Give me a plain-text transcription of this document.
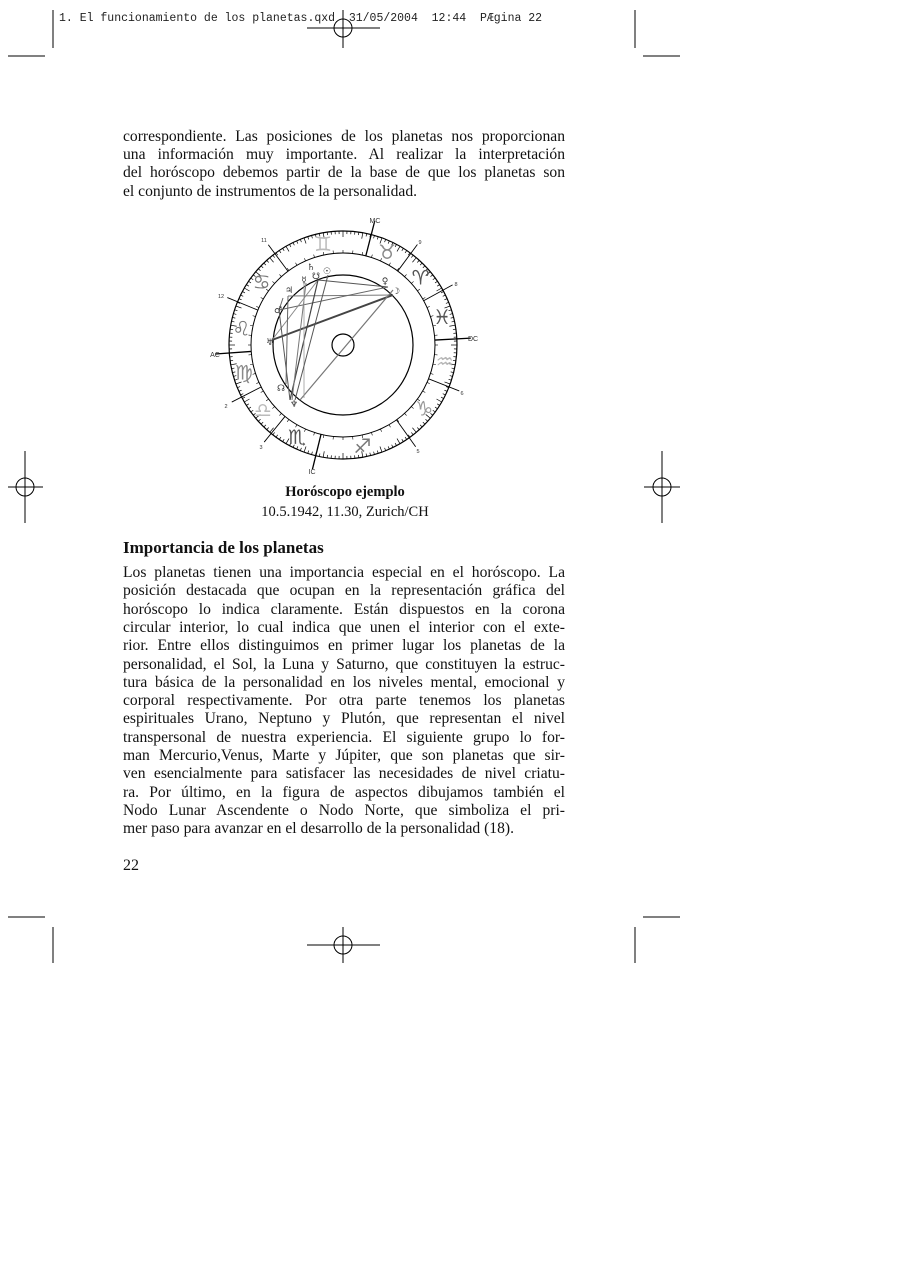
1. El funcionamiento de los planetas.qxd  31/05/2004  12:44  PÆgina 22
correspondiente. Las posiciones de los planetas nos proporcionan
una información muy importante. Al realizar la interpretación
del horóscopo debemos partir de la base de que los planetas son
el conjunto de instrumentos de la personalidad.
MC
9
8
DC
6
5
IC
3
2
AC
12
11	♉
♈
♓
♒
♑
♐
♏
♎
♍
♌
♋
♊
☉
♄
☋
☿
♃
♂
♅
☊
♆
♀
☽
Horóscopo ejemplo
10.5.1942, 11.30, Zurich/CH
Importancia de los planetas
Los planetas tienen una importancia especial en el horóscopo. La
posición destacada que ocupan en la representación gráfica del
horóscopo lo indica claramente. Están dispuestos en la corona
circular interior, lo cual indica que unen el interior con el exte-
rior. Entre ellos distinguimos en primer lugar los planetas de la
personalidad, el Sol, la Luna y Saturno, que constituyen la estruc-
tura básica de la personalidad en los niveles mental, emocional y
corporal respectivamente. Por otra parte tenemos los planetas
espirituales Urano, Neptuno y Plutón, que representan el nivel
transpersonal de nuestra experiencia. El siguiente grupo lo for-
man Mercurio,Venus, Marte y Júpiter, que son planetas que sir-
ven esencialmente para satisfacer las necesidades de nivel criatu-
ra. Por último, en la figura de aspectos dibujamos también el
Nodo Lunar Ascendente o Nodo Norte, que simboliza el pri-
mer paso para avanzar en el desarrollo de la personalidad (18).
22
